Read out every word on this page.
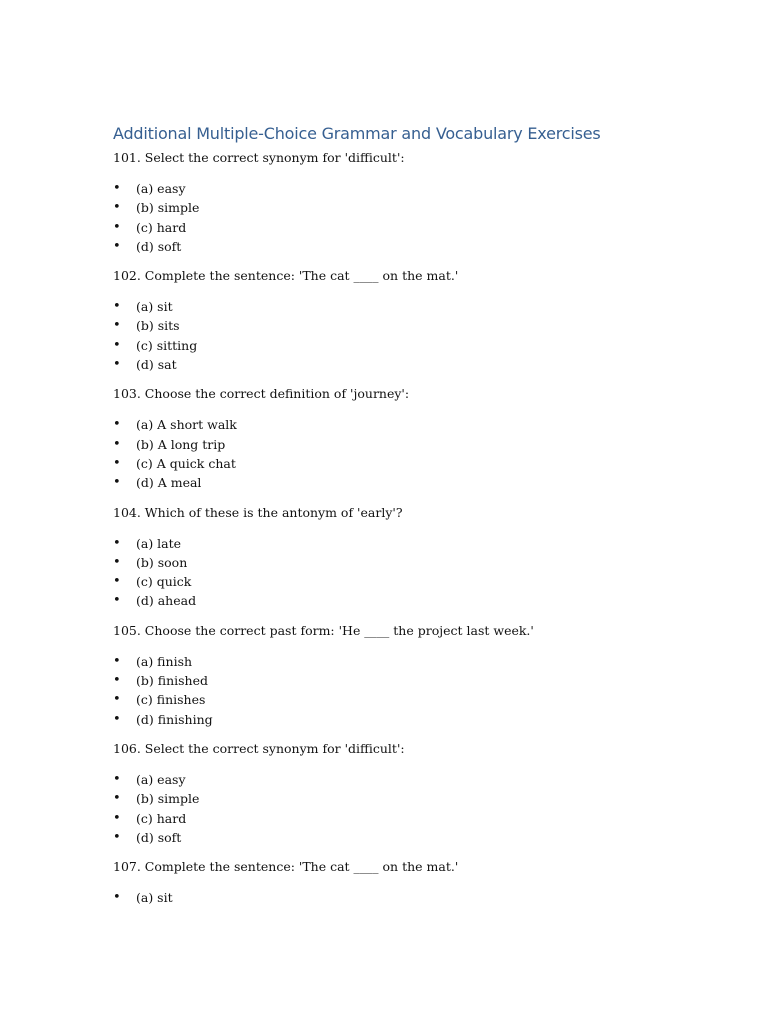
Additional Multiple-Choice Grammar and Vocabulary Exercises

101. Select the correct synonym for 'difficult':

• (a) easy
• (b) simple
• (c) hard
• (d) soft

102. Complete the sentence: 'The cat ____ on the mat.'

• (a) sit
• (b) sits
• (c) sitting
• (d) sat

103. Choose the correct definition of 'journey':

• (a) A short walk
• (b) A long trip
• (c) A quick chat
• (d) A meal

104. Which of these is the antonym of 'early'?

• (a) late
• (b) soon
• (c) quick
• (d) ahead

105. Choose the correct past form: 'He ____ the project last week.'

• (a) finish
• (b) finished
• (c) finishes
• (d) finishing

106. Select the correct synonym for 'difficult':

• (a) easy
• (b) simple
• (c) hard
• (d) soft

107. Complete the sentence: 'The cat ____ on the mat.'

• (a) sit
